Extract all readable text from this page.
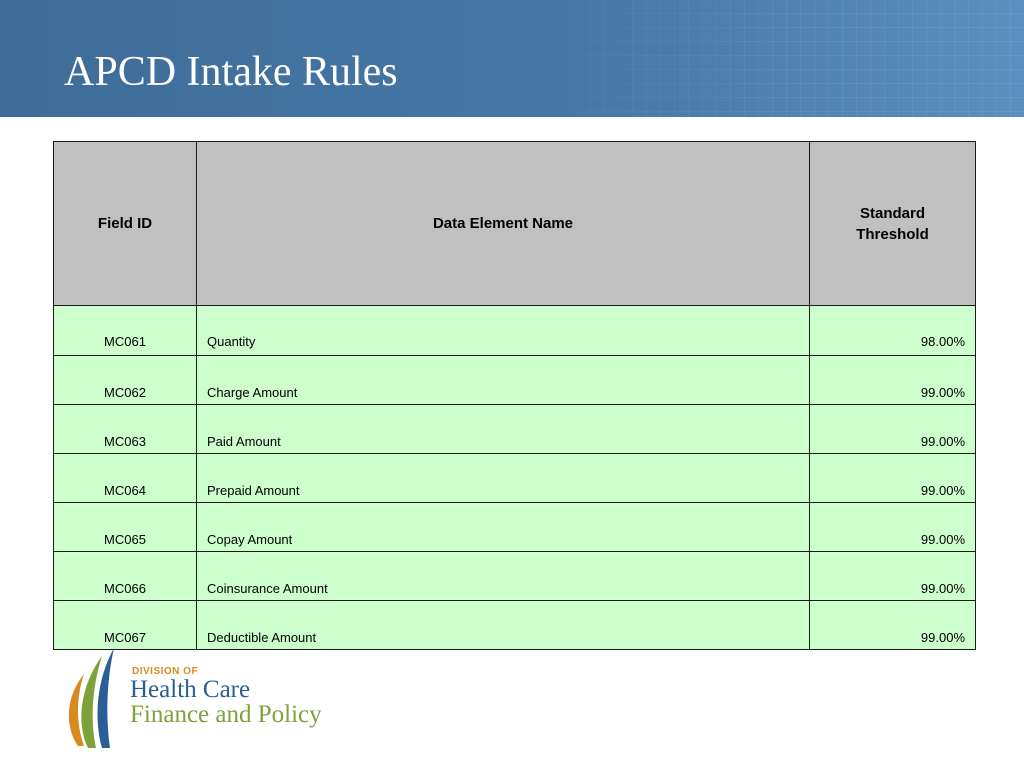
APCD Intake Rules
Field ID	Data Element Name	Standard Threshold
MC061	Quantity	98.00%
MC062	Charge Amount	99.00%
MC063	Paid Amount	99.00%
MC064	Prepaid Amount	99.00%
MC065	Copay Amount	99.00%
MC066	Coinsurance Amount	99.00%
MC067	Deductible Amount	99.00%
DIVISION OF
Health Care
Finance and Policy
